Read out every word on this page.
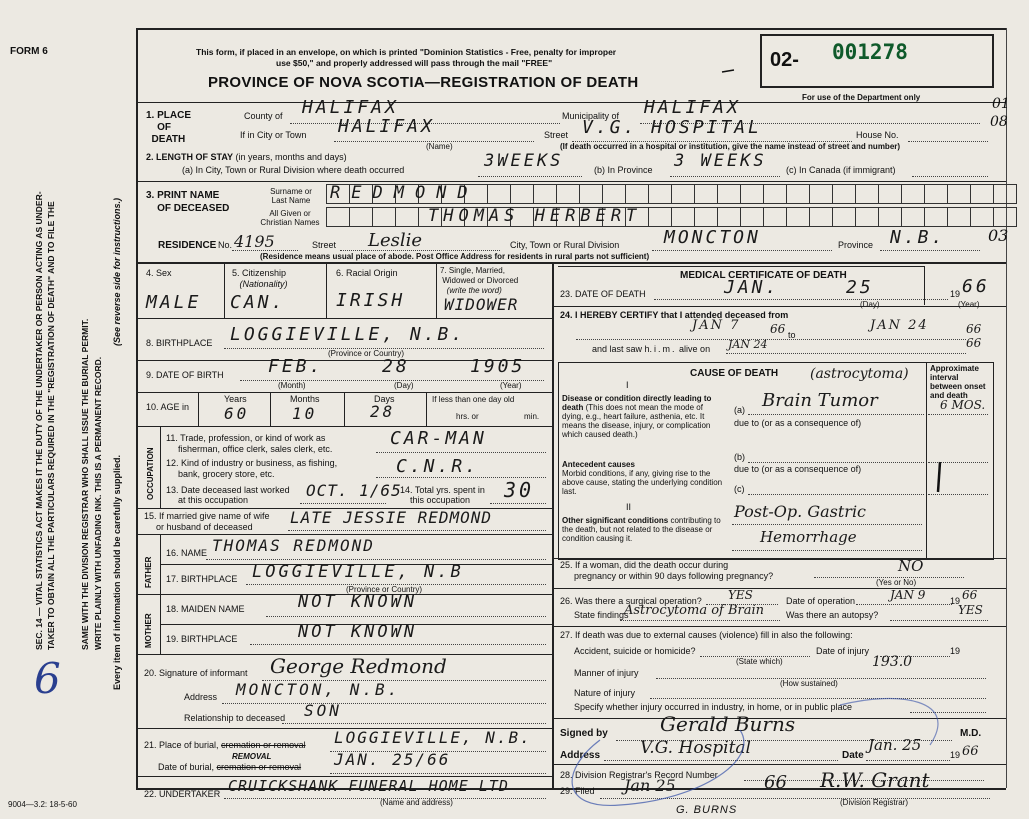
FORM 6	This form, if placed in an envelope, on which is printed "Dominion Statistics - Free, penalty for improper
use $50," and properly addressed will pass through the mail "FREE"
PROVINCE OF NOVA SCOTIA—REGISTRATION OF DEATH
02- 001278
For use of the Department only	01
08
03
SEC. 14 — VITAL STATISTICS ACT MAKES IT THE DUTY OF THE UNDERTAKER OR PERSON ACTING AS UNDER- TAKER TO OBTAIN ALL THE PARTICULARS REQUIRED IN THE "REGISTRATION OF DEATH" AND TO FILE THE	SAME WITH THE DIVISION REGISTRAR WHO SHALL ISSUE THE BURIAL PERMIT. WRITE PLAINLY WITH UNFADING INK. THIS IS A PERMANENT RECORD. Every item of information should be carefully supplied.
(See reverse side for instructions.)
6
9004—3.2: 18-5-60
1. PLACE
OF
DEATH
County of HALIFAX	Municipality of HALIFAX
If in City or Town HALIFAX
(Name)
Street V.G. HOSPITAL	House No.
(If death occurred in a hospital or institution, give the name instead of street and number)
2. LENGTH OF STAY (in years, months and days)
(a) In City, Town or Rural Division where death occurred	3WEEKS	(b) In Province 3 WEEKS (c) In Canada (if immigrant)
3. PRINT NAME
OF DECEASED
Surname or
Last Name	REDMOND
All Given or
Christian Names	THOMAS HERBERT
RESIDENCE No. 4195	Street Leslie	City, Town or Rural Division MONCTON	Province N.B.
(Residence means usual place of abode. Post Office Address for residents in rural parts not sufficient)
4. Sex
MALE
5. Citizenship
(Nationality)
CAN.
6. Racial Origin
IRISH
7. Single, Married,
Widowed or Divorced
(write the word)
WIDOWER
8. BIRTHPLACE LOGGIEVILLE, N.B.
(Province or Country)
9. DATE OF BIRTH FEB.	28	1905
(Month)	(Day)	(Year)
10. AGE in
Years	Months	Days
60	10	28
If less than one day old
hrs. or	min.
OCCUPATION
11. Trade, profession, or kind of work as
fisherman, office clerk, sales clerk, etc.	CAR-MAN
12. Kind of industry or business, as fishing,
bank, grocery store, etc.	C.N.R.
13. Date deceased last worked
at this occupation	OCT. 1/65
14. Total yrs. spent in
this occupation 30
15. If married give name of wife
or husband of deceased LATE JESSIE REDMOND
FATHER
16. NAME THOMAS REDMOND
17. BIRTHPLACE LOGGIEVILLE, N.B
(Province or Country)
MOTHER
18. MAIDEN NAME	NOT KNOWN
19. BIRTHPLACE	NOT KNOWN
20. Signature of informant George Redmond
Address MONCTON, N.B.
Relationship to deceased SON
21. Place of burial, cremation or removal LOGGIEVILLE, N.B.
Date of burial, cremation or removal
REMOVAL	JAN. 25/66
22. UNDERTAKER CRUICKSHANK FUNERAL HOME LTD
(Name and address)
MEDICAL CERTIFICATE OF DEATH
23. DATE OF DEATH	JAN.	25	19 66
(Day)	(Year)
24. I HEREBY CERTIFY that I attended deceased from
JAN 7 66 to
JAN 24	66
and last saw h.i.m. alive on JAN 24	66
CAUSE OF DEATH	Approximate interval between onset and death
I
Disease or condition directly leading to death (This does not mean the mode of dying, e.g., heart failure, asthenia, etc. It means the disease, injury, or complication which caused death.)
(a)
(astrocytoma)
Brain Tumor	6 MOS.
due to (or as a consequence of)
Antecedent causes
Morbid conditions, if any, giving rise to the above cause, stating the underlying condition last.
(b)
due to (or as a consequence of)
(c)
II
Other significant conditions contributing to the death, but not related to the disease or condition causing it.
Post-Op. Gastric
Hemorrhage
25. If a woman, did the death occur during
pregnancy or within 90 days following pregnancy?
NO
(Yes or No)
26. Was there a surgical operation? YES	Date of operation	JAN 9	19 66
State findings
Astrocytoma of Brain Was there an autopsy?	YES
27. If death was due to external causes (violence) fill in also the following:
Accident, suicide or homicide?
(State which)
Date of injury	19
Manner of injury
193.0
(How sustained)
Nature of injury
Specify whether injury occurred in industry, in home, or in public place
Signed by	Gerald Burns	M.D.
Address V.G. Hospital	Date
Jan. 25
19 66
28. Division Registrar's Record Number
29. Filed Jan 25	66 R.W. Grant
(Division Registrar)
G. BURNS
